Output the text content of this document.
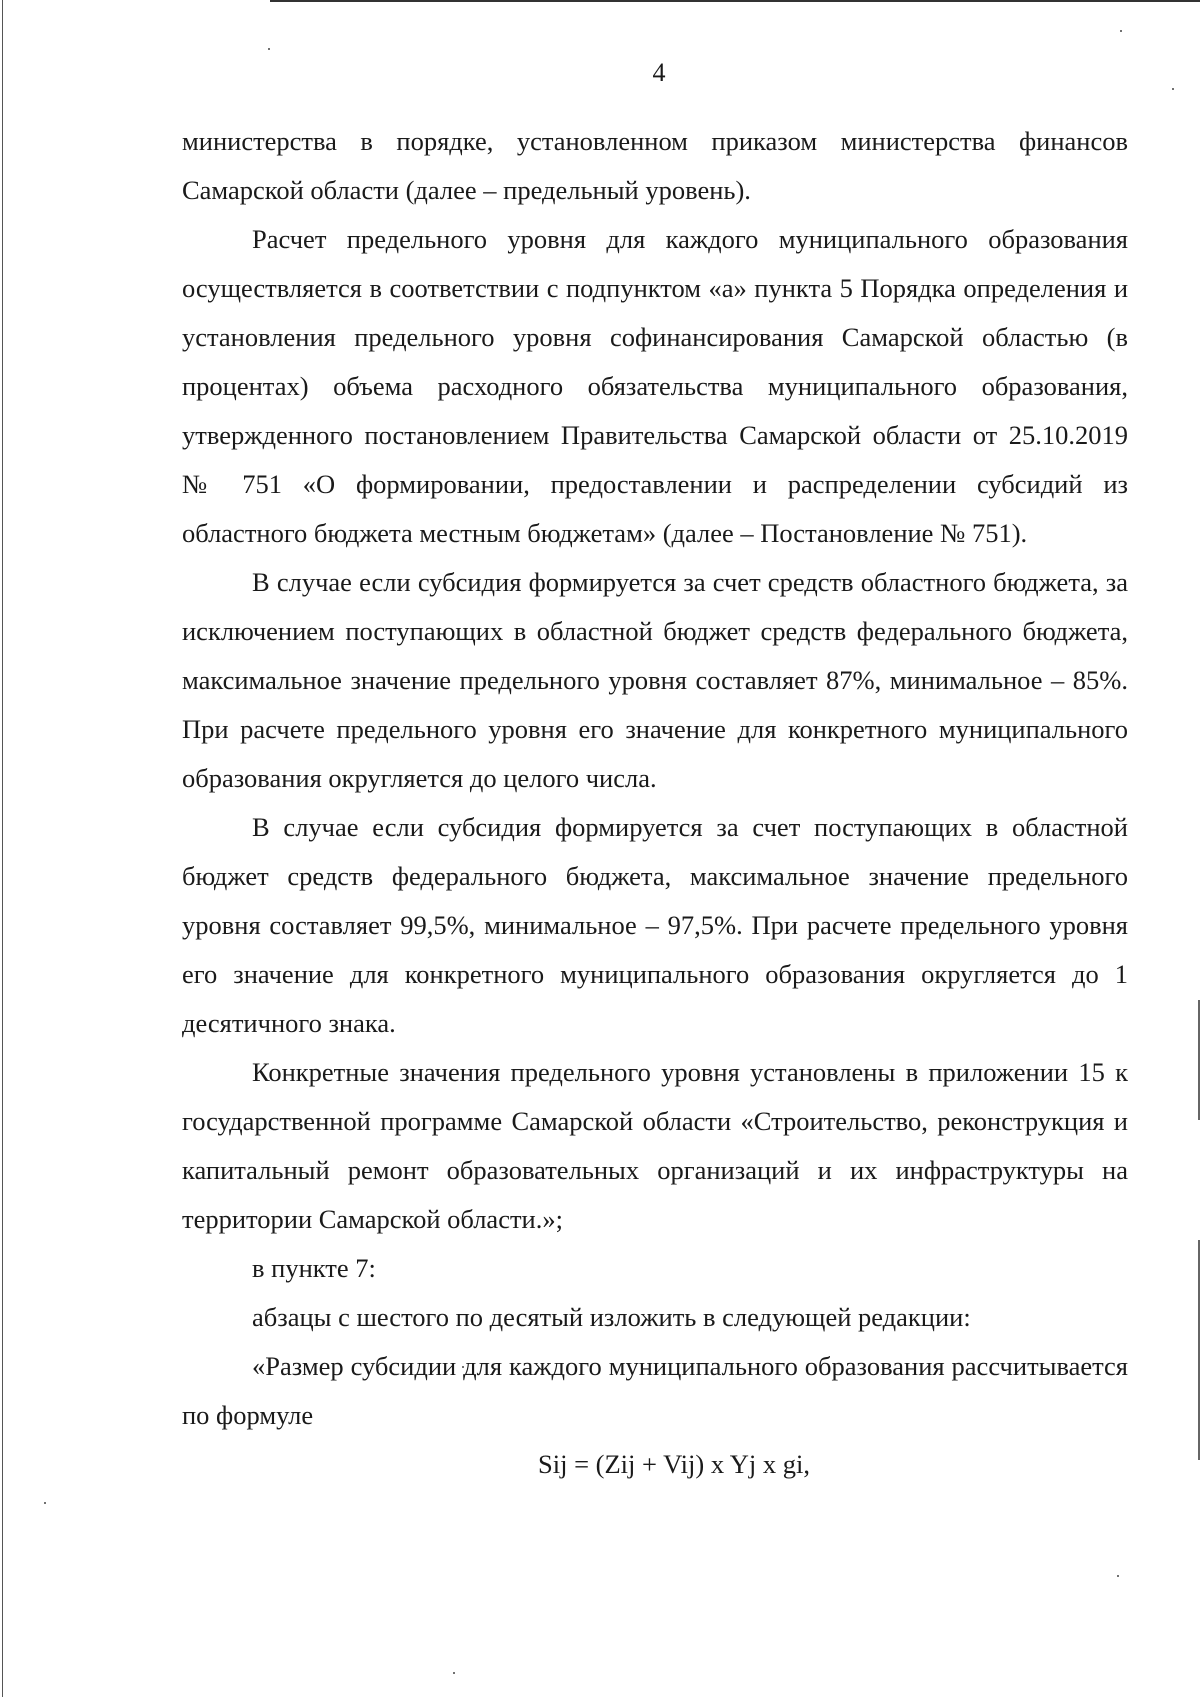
4

министерства в порядке, установленном приказом министерства финансов Самарской области (далее – предельный уровень).

Расчет предельного уровня для каждого муниципального образования осуществляется в соответствии с подпунктом «а» пункта 5 Порядка определения и установления предельного уровня софинансирования Самарской областью (в процентах) объема расходного обязательства муниципального образования, утвержденного постановлением Правительства Самарской области от 25.10.2019 № 751 «О формировании, предоставлении и распределении субсидий из областного бюджета местным бюджетам» (далее – Постановление № 751).

В случае если субсидия формируется за счет средств областного бюджета, за исключением поступающих в областной бюджет средств федерального бюджета, максимальное значение предельного уровня составляет 87%, минимальное – 85%. При расчете предельного уровня его значение для конкретного муниципального образования округляется до целого числа.

В случае если субсидия формируется за счет поступающих в областной бюджет средств федерального бюджета, максимальное значение предельного уровня составляет 99,5%, минимальное – 97,5%. При расчете предельного уровня его значение для конкретного муниципального образования округляется до 1 десятичного знака.

Конкретные значения предельного уровня установлены в приложении 15 к государственной программе Самарской области «Строительство, реконструкция и капитальный ремонт образовательных организаций и их инфраструктуры на территории Самарской области.»;

в пункте 7:

абзацы с шестого по десятый изложить в следующей редакции:

«Размер субсидии для каждого муниципального образования рассчитывается по формуле

Sij = (Zij + Vij) x Yj x gi,
